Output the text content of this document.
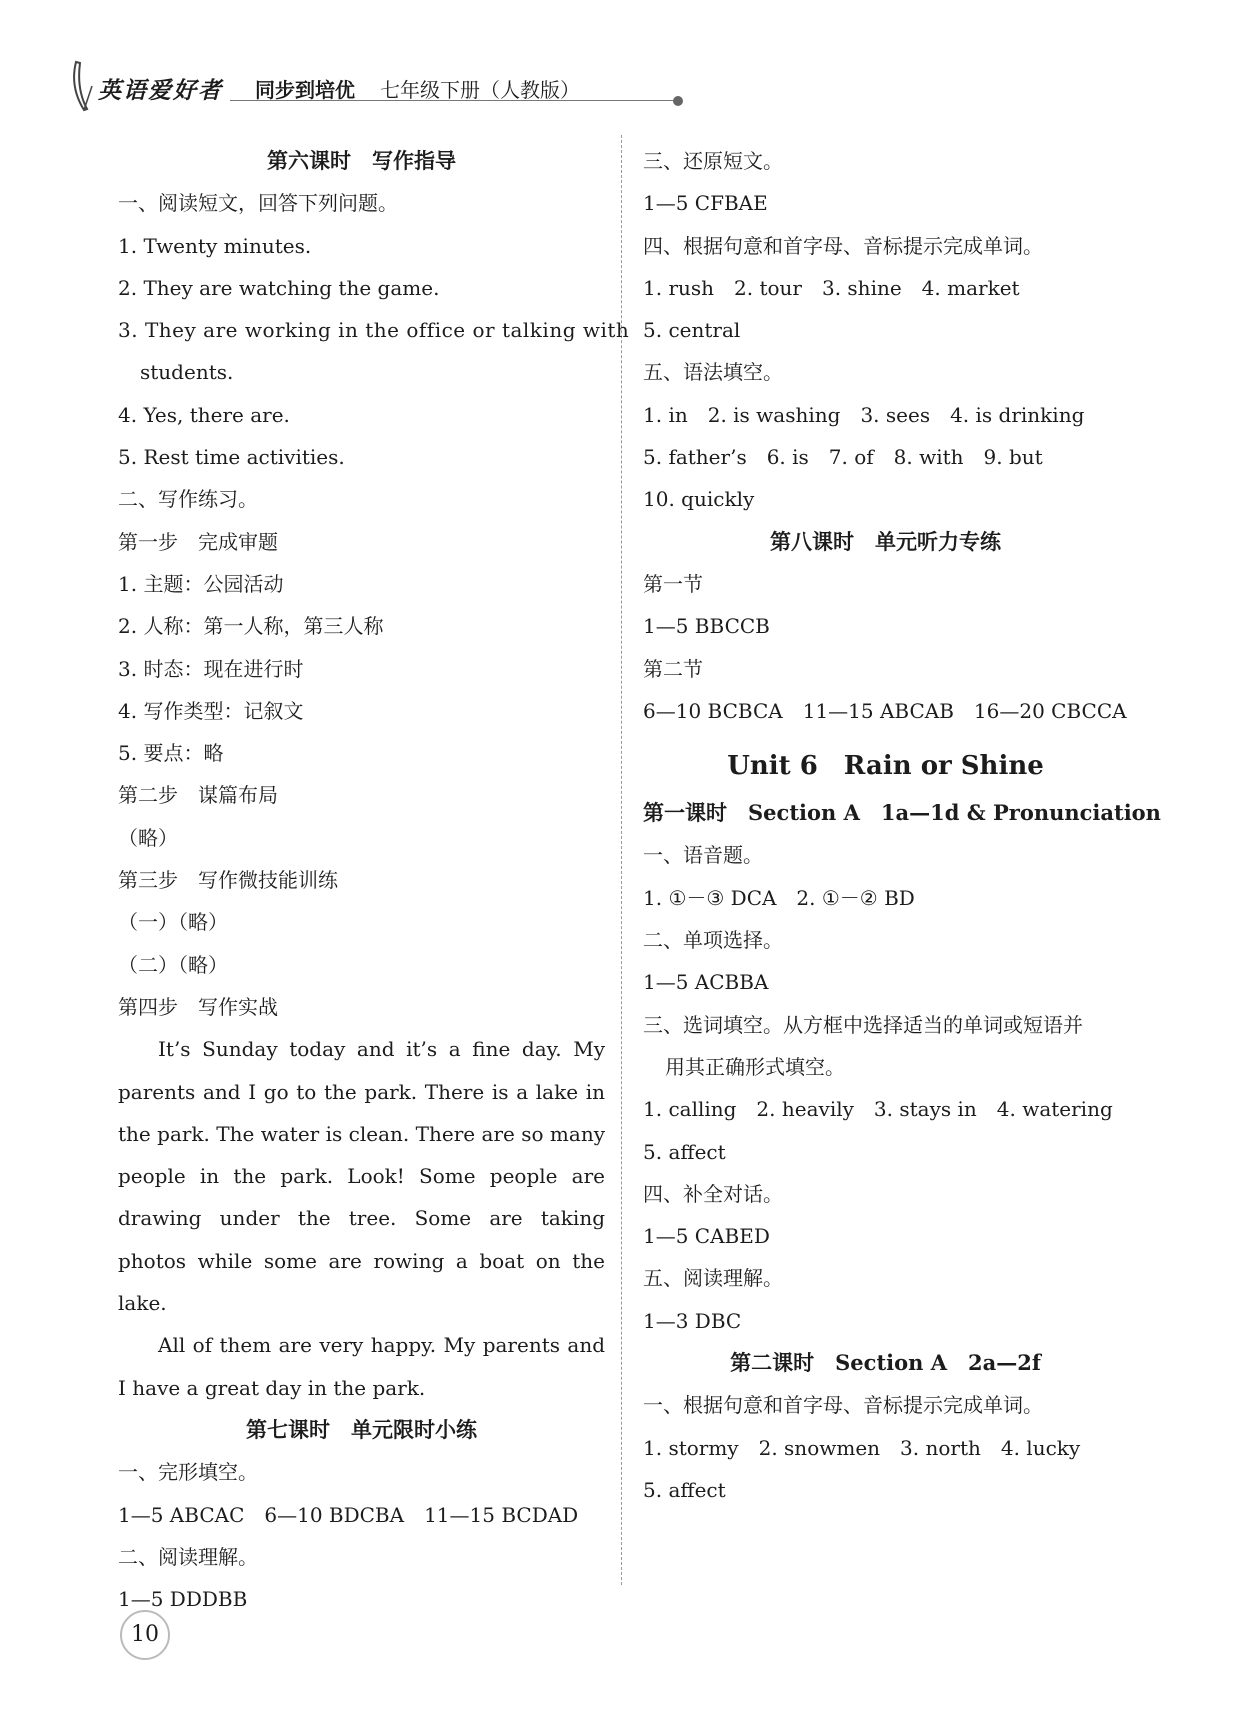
英语爱好者 同步到培优 七年级下册（人教版）
第六课时　写作指导
一、阅读短文，回答下列问题。
1. Twenty minutes.
2. They are watching the game.
3. They are working in the office or talking with
students.
4. Yes, there are.
5. Rest time activities.
二、写作练习。
第一步　完成审题
1. 主题：公园活动
2. 人称：第一人称，第三人称
3. 时态：现在进行时
4. 写作类型：记叙文
5. 要点：略
第二步　谋篇布局
（略）
第三步　写作微技能训练
（一）（略）
（二）（略）
第四步　写作实战
It’s Sunday today and it’s a fine day. My parents and I go to the park. There is a lake in the park. The water is clean. There are so many people in the park. Look! Some people are drawing under the tree. Some are taking photos while some are rowing a boat on the lake.
All of them are very happy. My parents and I have a great day in the park.
第七课时　单元限时小练
一、完形填空。
1—5 ABCAC　6—10 BDCBA　11—15 BCDAD
二、阅读理解。
1—5 DDDBB
三、还原短文。
1—5 CFBAE
四、根据句意和首字母、音标提示完成单词。
1. rush　2. tour　3. shine　4. market
5. central
五、语法填空。
1. in　2. is washing　3. sees　4. is drinking
5. father’s　6. is　7. of　8. with　9. but
10. quickly
第八课时　单元听力专练
第一节
1—5 BBCCB
第二节
6—10 BCBCA　11—15 ABCAB　16—20 CBCCA
Unit 6　Rain or Shine
第一课时　Section A　1a—1d & Pronunciation
一、语音题。
1. ①－③ DCA　2. ①－② BD
二、单项选择。
1—5 ACBBA
三、选词填空。从方框中选择适当的单词或短语并
用其正确形式填空。
1. calling　2. heavily　3. stays in　4. watering
5. affect
四、补全对话。
1—5 CABED
五、阅读理解。
1—3 DBC
第二课时　Section A　2a—2f
一、根据句意和首字母、音标提示完成单词。
1. stormy　2. snowmen　3. north　4. lucky
5. affect
10
